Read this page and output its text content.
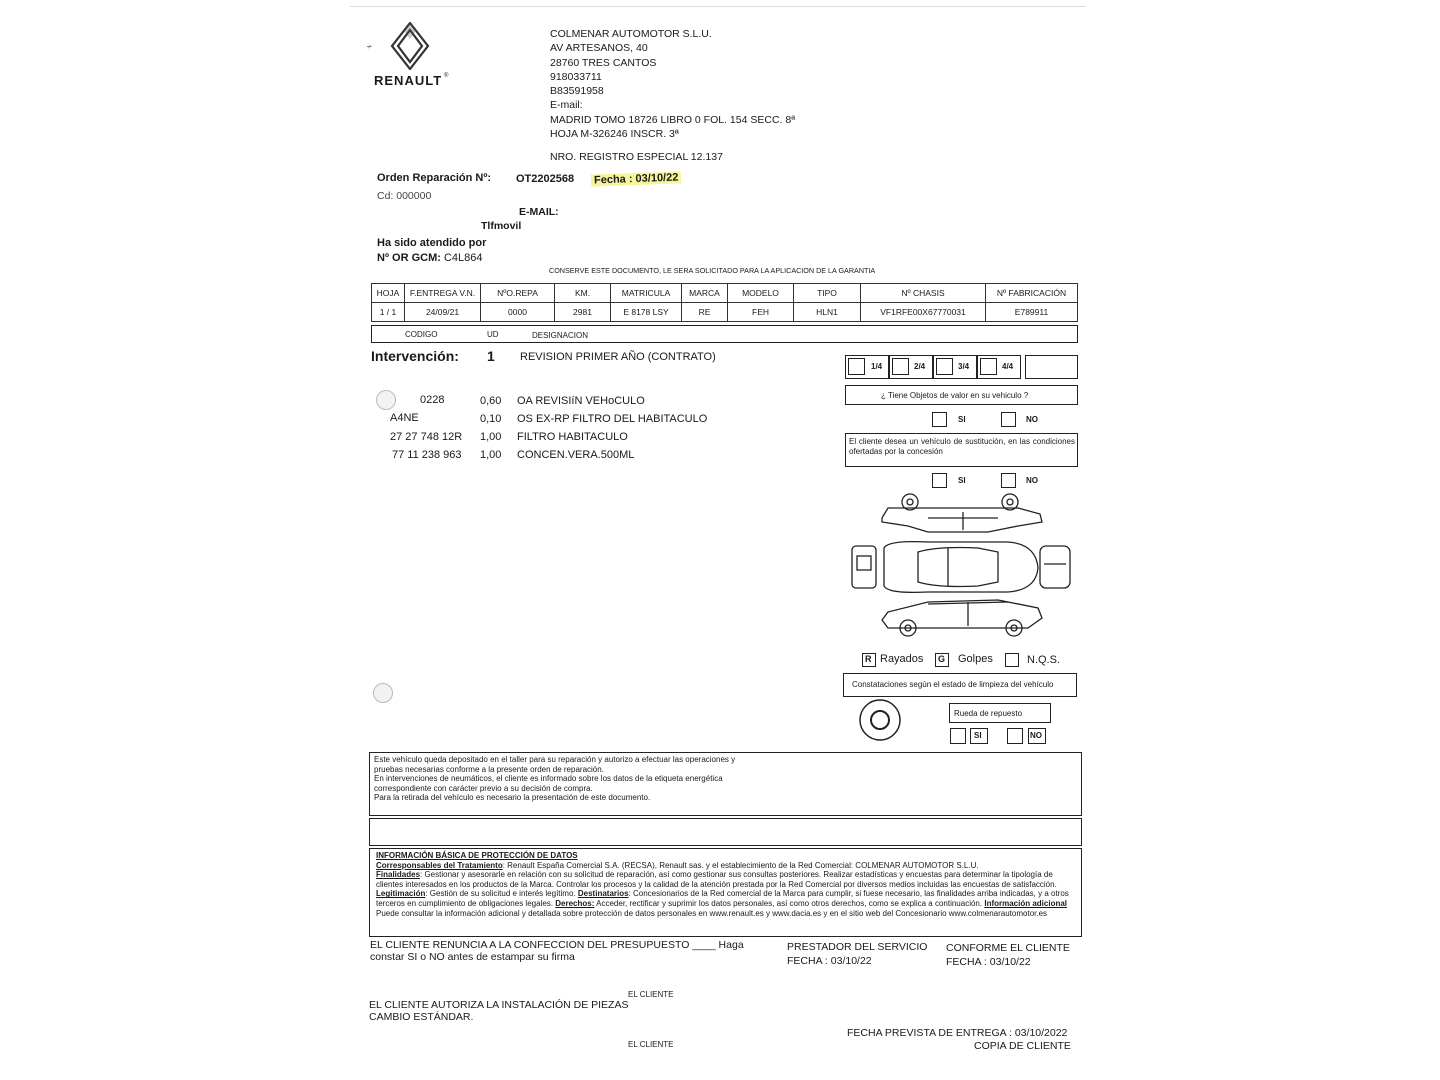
RENAULT ®
≁
COLMENAR AUTOMOTOR S.L.U.
AV ARTESANOS, 40
28760 TRES CANTOS
918033711
B83591958
E-mail:
MADRID TOMO 18726 LIBRO 0 FOL. 154 SECC. 8ª
HOJA M-326246 INSCR. 3ª
NRO. REGISTRO ESPECIAL 12.137
Orden Reparación Nº: OT2202568 Fecha : 03/10/22
Cd: 000000
E-MAIL:
Tlfmovil
Ha sido atendido por
Nº OR GCM: C4L864
CONSERVE ESTE DOCUMENTO, LE SERA SOLICITADO PARA LA APLICACION DE LA GARANTIA
HOJA	F.ENTREGA V.N.	NºO.REPA	KM.	MATRICULA	MARCA	MODELO	TIPO	Nº CHASIS	Nº FABRICACIÓN
1 / 1	24/09/21	0000	2981	E 8178 LSY	RE	FEH	HLN1	VF1RFE00X67770031	E789911
CODIGO	UD	DESIGNACION
Intervención: 1 REVISION PRIMER AÑO (CONTRATO)
0228	0,60 OA REVISIíN VEHoCULO
A4NE	0,10 OS EX-RP FILTRO DEL HABITACULO
27 27 748 12R 1,00 FILTRO HABITACULO
77 11 238 963 1,00 CONCEN.VERA.500ML
1/4	2/4	3/4	4/4
¿ Tiene Objetos de valor en su vehiculo ?
SI	NO
El cliente desea un vehículo de sustitución, en las condiciones ofertadas por la concesión
SI	NO
R Rayados G Golpes	N.Q.S.
Constataciones según el estado de limpieza del vehículo
Rueda de repuesto
SI	NO

Este vehículo queda depositado en el taller para su reparación y autorizo a efectuar las operaciones y

pruebas necesarias conforme a la presente orden de reparación.

En intervenciones de neumáticos, el cliente es informado sobre los datos de la etiqueta energética

correspondiente con carácter previo a su decisión de compra.

Para la retirada del vehículo es necesario la presentación de este documento.

INFORMACIÓN BÁSICA DE PROTECCIÓN DE DATOS

Corresponsables del Tratamiento: Renault España Comercial S.A. (RECSA), Renault sas. y el establecimiento de la Red Comercial: COLMENAR AUTOMOTOR S.L.U.

Finalidades: Gestionar y asesorarle en relación con su solicitud de reparación, así como gestionar sus consultas posteriores. Realizar estadísticas y encuestas para determinar la tipología de clientes interesados en los productos de la Marca. Controlar los procesos y la calidad de la atención prestada por la Red Comercial por diversos medios incluidas las encuestas de satisfacción. Legitimación: Gestión de su solicitud e interés legítimo. Destinatarios: Concesionarios de la Red comercial de la Marca para cumplir, si fuese necesario, las finalidades arriba indicadas, y a otros terceros en cumplimiento de obligaciones legales. Derechos: Acceder, rectificar y suprimir los datos personales, así como otros derechos, como se explica a continuación. Información adicional Puede consultar la información adicional y detallada sobre protección de datos personales en www.renault.es y www.dacia.es y en el sitio web del Concesionario www.colmenarautomotor.es

EL CLIENTE RENUNCIA A LA CONFECCION DEL PRESUPUESTO ____ Haga
constar SI o NO antes de estampar su firma
PRESTADOR DEL SERVICIO
FECHA : 03/10/22
CONFORME EL CLIENTE
FECHA : 03/10/22
EL CLIENTE
EL CLIENTE AUTORIZA LA INSTALACIÓN DE PIEZAS
CAMBIO ESTÁNDAR.
FECHA PREVISTA DE ENTREGA : 03/10/2022
COPIA DE CLIENTE
EL CLIENTE
